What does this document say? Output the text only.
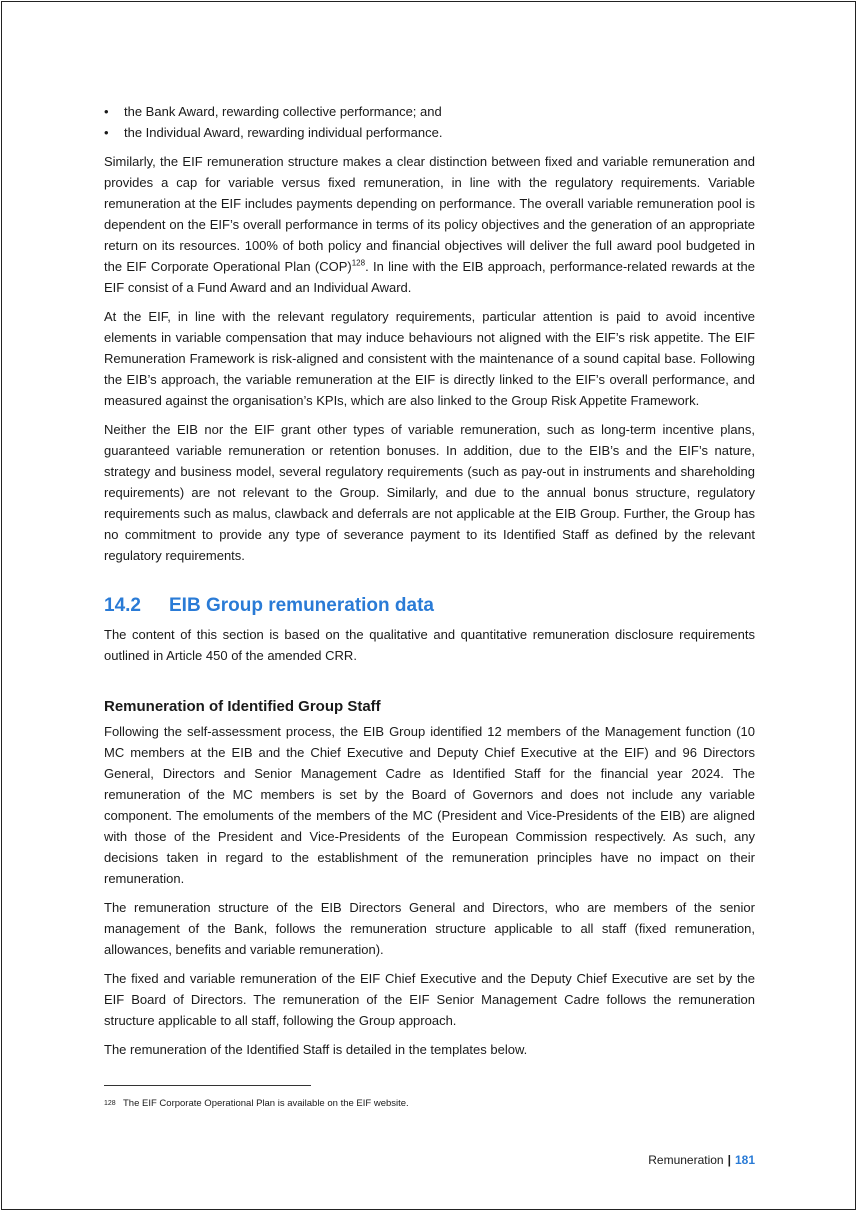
• the Bank Award, rewarding collective performance; and
• the Individual Award, rewarding individual performance.

Similarly, the EIF remuneration structure makes a clear distinction between fixed and variable remuneration and provides a cap for variable versus fixed remuneration, in line with the regulatory requirements. Variable remuneration at the EIF includes payments depending on performance. The overall variable remuneration pool is dependent on the EIF’s overall performance in terms of its policy objectives and the generation of an appropriate return on its resources. 100% of both policy and financial objectives will deliver the full award pool budgeted in the EIF Corporate Operational Plan (COP)$^{128}$. In line with the EIB approach, performance-related rewards at the EIF consist of a Fund Award and an Individual Award.

At the EIF, in line with the relevant regulatory requirements, particular attention is paid to avoid incentive elements in variable compensation that may induce behaviours not aligned with the EIF’s risk appetite. The EIF Remuneration Framework is risk-aligned and consistent with the maintenance of a sound capital base. Following the EIB’s approach, the variable remuneration at the EIF is directly linked to the EIF’s overall performance, and measured against the organisation’s KPIs, which are also linked to the Group Risk Appetite Framework.

Neither the EIB nor the EIF grant other types of variable remuneration, such as long-term incentive plans, guaranteed variable remuneration or retention bonuses. In addition, due to the EIB’s and the EIF’s nature, strategy and business model, several regulatory requirements (such as pay-out in instruments and shareholding requirements) are not relevant to the Group. Similarly, and due to the annual bonus structure, regulatory requirements such as malus, clawback and deferrals are not applicable at the EIB Group. Further, the Group has no commitment to provide any type of severance payment to its Identified Staff as defined by the relevant regulatory requirements.

14.2	EIB Group remuneration data

The content of this section is based on the qualitative and quantitative remuneration disclosure requirements outlined in Article 450 of the amended CRR.

Remuneration of Identified Group Staff

Following the self-assessment process, the EIB Group identified 12 members of the Management function (10 MC members at the EIB and the Chief Executive and Deputy Chief Executive at the EIF) and 96 Directors General, Directors and Senior Management Cadre as Identified Staff for the financial year 2024. The remuneration of the MC members is set by the Board of Governors and does not include any variable component. The emoluments of the members of the MC (President and Vice-Presidents of the EIB) are aligned with those of the President and Vice-Presidents of the European Commission respectively. As such, any decisions taken in regard to the establishment of the remuneration principles have no impact on their remuneration.

The remuneration structure of the EIB Directors General and Directors, who are members of the senior management of the Bank, follows the remuneration structure applicable to all staff (fixed remuneration, allowances, benefits and variable remuneration).

The fixed and variable remuneration of the EIF Chief Executive and the Deputy Chief Executive are set by the EIF Board of Directors. The remuneration of the EIF Senior Management Cadre follows the remuneration structure applicable to all staff, following the Group approach.

The remuneration of the Identified Staff is detailed in the templates below.

128 The EIF Corporate Operational Plan is available on the EIF website.
Remuneration | 181
